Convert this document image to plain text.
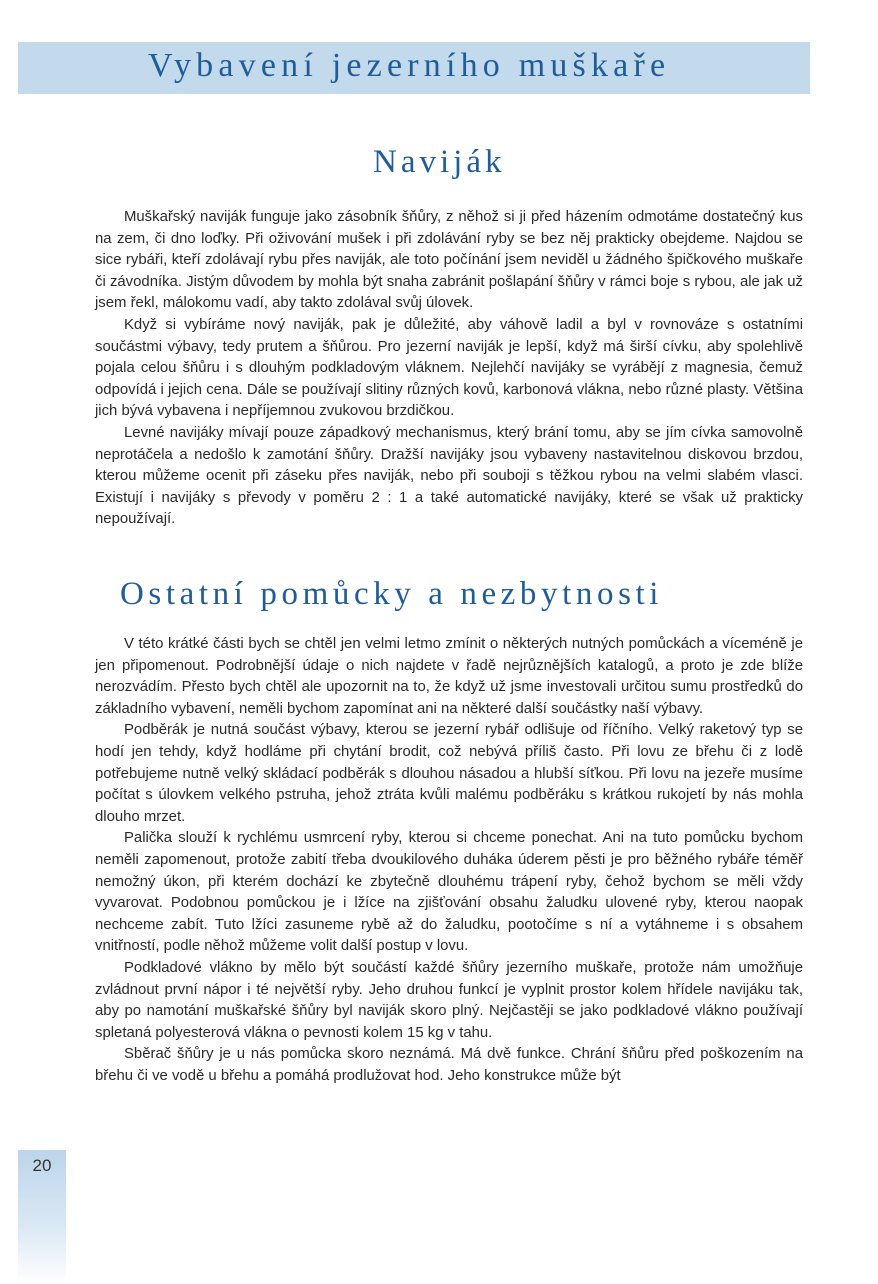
Vybavení jezerního muškaře
Naviják

Muškařský naviják funguje jako zásobník šňůry, z něhož si ji před házením odmotáme dostatečný kus na zem, či dno loďky. Při oživování mušek i při zdolávání ryby se bez něj prakticky obejdeme. Najdou se sice rybáři, kteří zdolávají rybu přes naviják, ale toto počínání jsem neviděl u žádného špičkového muškaře či závodníka. Jistým důvodem by mohla být snaha zabránit pošlapání šňůry v rámci boje s rybou, ale jak už jsem řekl, málokomu vadí, aby takto zdolával svůj úlovek.

Když si vybíráme nový naviják, pak je důležité, aby váhově ladil a byl v rovnováze s ostatními součástmi výbavy, tedy prutem a šňůrou. Pro jezerní naviják je lepší, když má širší cívku, aby spolehlivě pojala celou šňůru i s dlouhým podkladovým vláknem. Nejlehčí navijáky se vyrábějí z magnesia, čemuž odpovídá i jejich cena. Dále se používají slitiny různých kovů, karbonová vlákna, nebo různé plasty. Většina jich bývá vybavena i nepříjemnou zvukovou brzdičkou.

Levné navijáky mívají pouze západkový mechanismus, který brání tomu, aby se jím cívka samovolně neprotáčela a nedošlo k zamotání šňůry. Dražší navijáky jsou vybaveny nastavitelnou diskovou brzdou, kterou můžeme ocenit při záseku přes naviják, nebo při souboji s těžkou rybou na velmi slabém vlasci. Existují i navijáky s převody v poměru 2 : 1 a také automatické navijáky, které se však už prakticky nepoužívají.

Ostatní pomůcky a nezbytnosti

V této krátké části bych se chtěl jen velmi letmo zmínit o některých nutných pomůckách a víceméně je jen připomenout. Podrobnější údaje o nich najdete v řadě nejrůznějších katalogů, a proto je zde blíže nerozvádím. Přesto bych chtěl ale upozornit na to, že když už jsme investovali určitou sumu prostředků do základního vybavení, neměli bychom zapomínat ani na některé další součástky naší výbavy.

Podběrák je nutná součást výbavy, kterou se jezerní rybář odlišuje od říčního. Velký raketový typ se hodí jen tehdy, když hodláme při chytání brodit, což nebývá příliš často. Při lovu ze břehu či z lodě potřebujeme nutně velký skládací podběrák s dlouhou násadou a hlubší síťkou. Při lovu na jezeře musíme počítat s úlovkem velkého pstruha, jehož ztráta kvůli malému podběráku s krátkou rukojetí by nás mohla dlouho mrzet.

Palička slouží k rychlému usmrcení ryby, kterou si chceme ponechat. Ani na tuto pomůcku bychom neměli zapomenout, protože zabití třeba dvoukilového duháka úderem pěsti je pro běžného rybáře téměř nemožný úkon, při kterém dochází ke zbytečně dlouhému trápení ryby, čehož bychom se měli vždy vyvarovat. Podobnou pomůckou je i lžíce na zjišťování obsahu žaludku ulovené ryby, kterou naopak nechceme zabít. Tuto lžíci zasuneme rybě až do žaludku, pootočíme s ní a vytáhneme i s obsahem vnitřností, podle něhož můžeme volit další postup v lovu.

Podkladové vlákno by mělo být součástí každé šňůry jezerního muškaře, protože nám umožňuje zvládnout první nápor i té největší ryby. Jeho druhou funkcí je vyplnit prostor kolem hřídele navijáku tak, aby po namotání muškařské šňůry byl naviják skoro plný. Nejčastěji se jako podkladové vlákno používají spletaná polyesterová vlákna o pevnosti kolem 15 kg v tahu.

Sběrač šňůry je u nás pomůcka skoro neznámá. Má dvě funkce. Chrání šňůru před poškozením na břehu či ve vodě u břehu a pomáhá prodlužovat hod. Jeho konstrukce může být

20
